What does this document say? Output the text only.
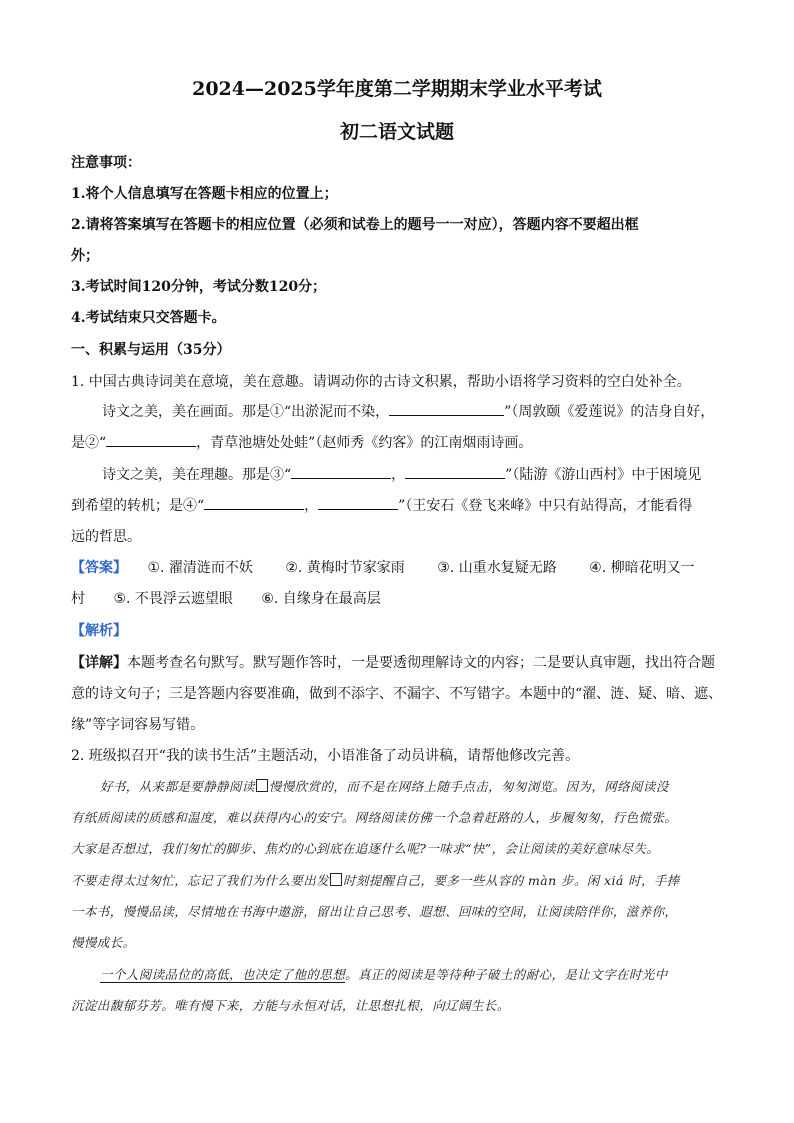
2024—2025学年度第二学期期末学业水平考试
初二语文试题
注意事项：
1.将个人信息填写在答题卡相应的位置上；
2.请将答案填写在答题卡的相应位置（必须和试卷上的题号一一对应），答题内容不要超出框
外；
3.考试时间120分钟，考试分数120分；
4.考试结束只交答题卡。
一、积累与运用（35分）
1. 中国古典诗词美在意境，美在意趣。请调动你的古诗文积累，帮助小语将学习资料的空白处补全。
诗文之美，美在画面。那是①“出淤泥而不染，	”（周敦颐《爱莲说》的洁身自好，
是②“	，青草池塘处处蛙”（赵师秀《约客》的江南烟雨诗画。
诗文之美，美在理趣。那是③“	，	”（陆游《游山西村》中于困境见
到希望的转机；是④“	，	”（王安石《登飞来峰》中只有站得高，才能看得
远的哲思。
【答案】 ①. 濯清涟而不妖 ②. 黄梅时节家家雨 ③. 山重水复疑无路 ④. 柳暗花明又一
村 ⑤. 不畏浮云遮望眼 ⑥. 自缘身在最高层
【解析】
【详解】本题考查名句默写。默写题作答时，一是要透彻理解诗文的内容；二是要认真审题，找出符合题
意的诗文句子；三是答题内容要准确，做到不添字、不漏字、不写错字。本题中的“濯、涟、疑、暗、遮、
缘”等字词容易写错。
2. 班级拟召开“我的读书生活”主题活动，小语准备了动员讲稿，请帮他修改完善。
好书，从来都是要静静阅读 慢慢欣赏的，而不是在网络上随手点击，匆匆浏览。因为，网络阅读没
有纸质阅读的质感和温度，难以获得内心的安宁。网络阅读仿佛一个急着赶路的人，步履匆匆，行色慌张。
大家是否想过，我们匆忙的脚步、焦灼的心到底在追逐什么呢?一味求“快”，会让阅读的美好意味尽失。
不要走得太过匆忙，忘记了我们为什么要出发 时刻提醒自己，要多一些从容的 màn 步。闲 xiá 时，手捧
一本书，慢慢品读，尽情地在书海中遨游，留出让自己思考、遐想、回味的空间，让阅读陪伴你，滋养你，
慢慢成长。
一个人阅读品位的高低，也决定了他的思想。真正的阅读是等待种子破土的耐心，是让文字在时光中
沉淀出馥郁芬芳。唯有慢下来，方能与永恒对话，让思想扎根，向辽阔生长。
